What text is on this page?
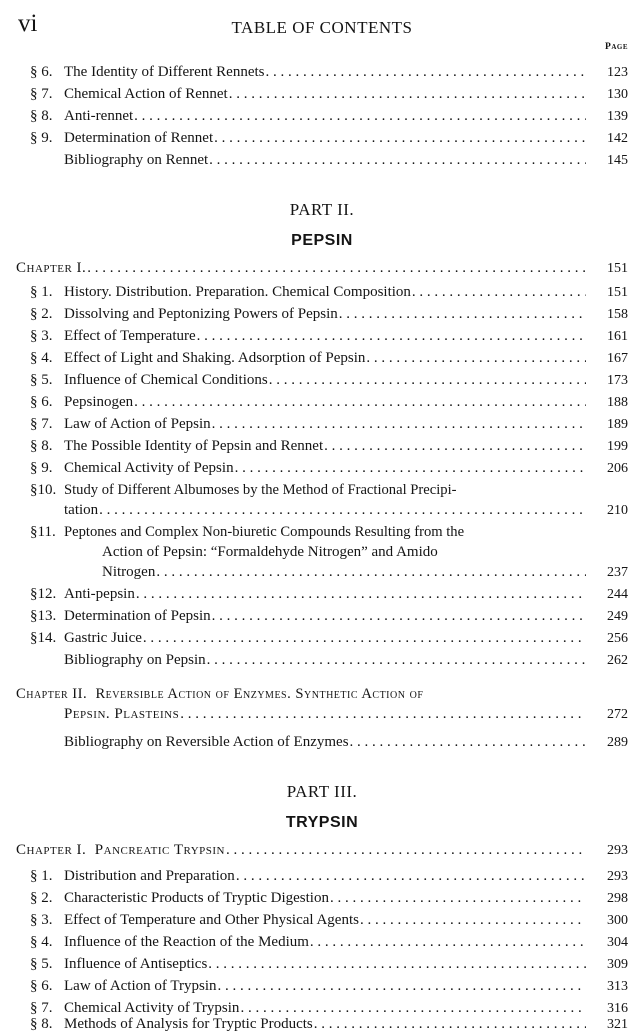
vi	TABLE OF CONTENTS
Page
§ 6. The Identity of Different Rennets . . .	123
§ 7. Chemical Action of Rennet . . .	130
§ 8. Anti-rennet . . .	139
§ 9. Determination of Rennet . . .	142
Bibliography on Rennet . . .	145
PART II.
PEPSIN
Chapter I. . . .	151
§ 1. History. Distribution. Preparation. Chemical Composition . . .	151
§ 2. Dissolving and Peptonizing Powers of Pepsin . . .	158
§ 3. Effect of Temperature . . .	161
§ 4. Effect of Light and Shaking. Adsorption of Pepsin . . .	167
§ 5. Influence of Chemical Conditions . . .	173
§ 6. Pepsinogen . . .	188
§ 7. Law of Action of Pepsin . . .	189
§ 8. The Possible Identity of Pepsin and Rennet . . .	199
§ 9. Chemical Activity of Pepsin . . .	206
§10. Study of Different Albumoses by the Method of Fractional Precipi-
tation . . .	210
§11. Peptones and Complex Non-biuretic Compounds Resulting from the
Action of Pepsin: “Formaldehyde Nitrogen” and Amido
Nitrogen . . .	237
§12. Anti-pepsin . . .	244
§13. Determination of Pepsin . . .	249
§14. Gastric Juice . . .	256
Bibliography on Pepsin . . .	262
Chapter II. Reversible Action of Enzymes. Synthetic Action of
Pepsin. Plasteins . . .	272
Bibliography on Reversible Action of Enzymes . . .	289
PART III.
TRYPSIN
Chapter I. Pancreatic Trypsin . . .	293
§ 1. Distribution and Preparation . . .	293
§ 2. Characteristic Products of Tryptic Digestion . . .	298
§ 3. Effect of Temperature and Other Physical Agents . . .	300
§ 4. Influence of the Reaction of the Medium . . .	304
§ 5. Influence of Antiseptics . . .	309
§ 6. Law of Action of Trypsin . . .	313
§ 7. Chemical Activity of Trypsin . . .	316
§ 8. Methods of Analysis for Tryptic Products . . .	321
